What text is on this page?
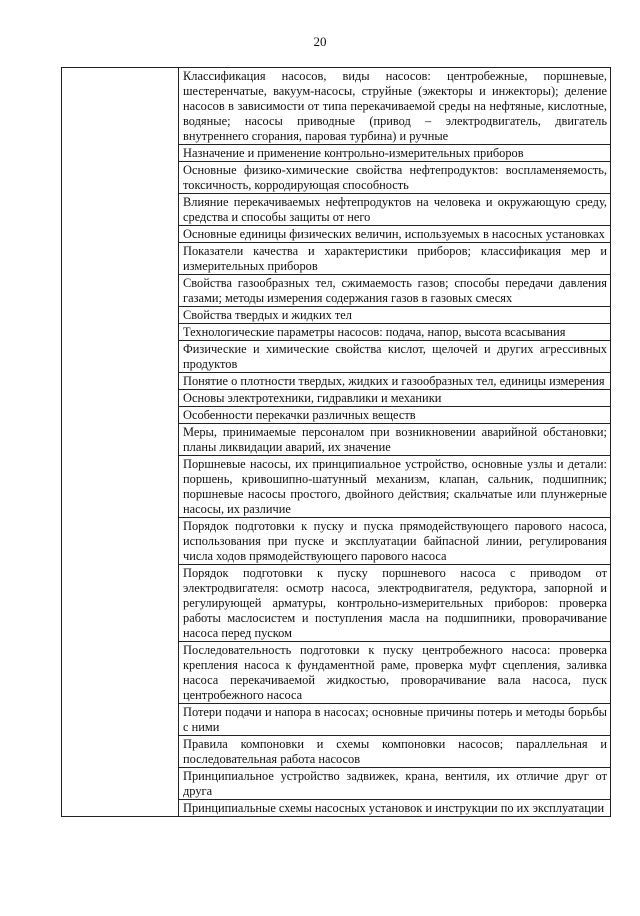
20

Классификация насосов, виды насосов: центробежные, поршневые, шестеренчатые, вакуум-насосы, струйные (эжекторы и инжекторы); деление насосов в зависимости от типа перекачиваемой среды на нефтяные, кислотные, водяные; насосы приводные (привод – электродвигатель, двигатель внутреннего сгорания, паровая турбина) и ручные

Назначение и применение контрольно-измерительных приборов

Основные физико-химические свойства нефтепродуктов: воспламеняемость, токсичность, корродирующая способность

Влияние перекачиваемых нефтепродуктов на человека и окружающую среду, средства и способы защиты от него

Основные единицы физических величин, используемых в насосных установках

Показатели качества и характеристики приборов; классификация мер и измерительных приборов

Свойства газообразных тел, сжимаемость газов; способы передачи давления газами; методы измерения содержания газов в газовых смесях

Свойства твердых и жидких тел

Технологические параметры насосов: подача, напор, высота всасывания

Физические и химические свойства кислот, щелочей и других агрессивных продуктов

Понятие о плотности твердых, жидких и газообразных тел, единицы измерения

Основы электротехники, гидравлики и механики

Особенности перекачки различных веществ

Меры, принимаемые персоналом при возникновении аварийной обстановки; планы ликвидации аварий, их значение

Поршневые насосы, их принципиальное устройство, основные узлы и детали: поршень, кривошипно-шатунный механизм, клапан, сальник, подшипник; поршневые насосы простого, двойного действия; скальчатые или плунжерные насосы, их различие

Порядок подготовки к пуску и пуска прямодействующего парового насоса, использования при пуске и эксплуатации байпасной линии, регулирования числа ходов прямодействующего парового насоса

Порядок подготовки к пуску поршневого насоса с приводом от электродвигателя: осмотр насоса, электродвигателя, редуктора, запорной и регулирующей арматуры, контрольно-измерительных приборов: проверка работы маслосистем и поступления масла на подшипники, проворачивание насоса перед пуском

Последовательность подготовки к пуску центробежного насоса: проверка крепления насоса к фундаментной раме, проверка муфт сцепления, заливка насоса перекачиваемой жидкостью, проворачивание вала насоса, пуск центробежного насоса

Потери подачи и напора в насосах; основные причины потерь и методы борьбы с ними

Правила компоновки и схемы компоновки насосов; параллельная и последовательная работа насосов

Принципиальное устройство задвижек, крана, вентиля, их отличие друг от друга

Принципиальные схемы насосных установок и инструкции по их эксплуатации
